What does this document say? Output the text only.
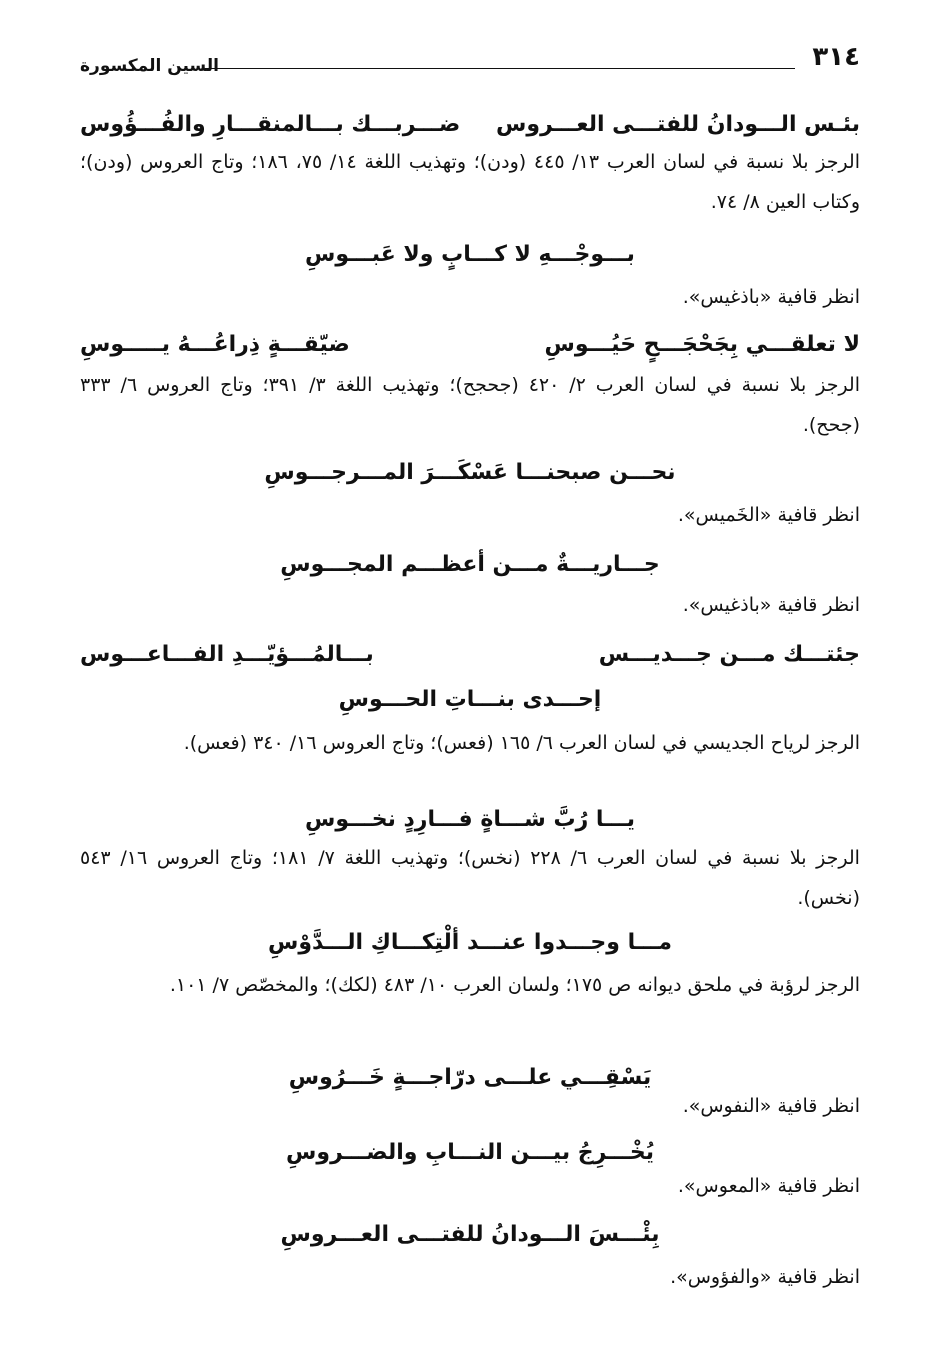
٣١٤
السين المكسورة
بئـس الـــودانُ للفتـــى العـــروس
ضـــربـــك بـــالمنقـــارِ والفُـــؤُوس
الرجز بلا نسبة في لسان العرب ١٣/ ٤٤٥ (ودن)؛ وتهذيب اللغة ١٤/ ٧٥، ١٨٦؛ وتاج العروس (ودن)؛ وكتاب العين ٨/ ٧٤.
بـــوجْـــهِ لا كـــابٍ ولا عَبـــوسِ
انظر قافية «باذغيس».
لا تعلقـــي بِجَحْجَـــحٍ حَيُـــوسِ
ضيّقـــةٍ ذِراعُـــهُ يـــــوسِ
الرجز بلا نسبة في لسان العرب ٢/ ٤٢٠ (جحجح)؛ وتهذيب اللغة ٣/ ٣٩١؛ وتاج العروس ٦/ ٣٣٣ (جحح).
نحـــن صبحنـــا عَسْكَـــرَ المـــرجـــوسِ
انظر قافية «الخَميس».
جـــاريـــةٌ مـــن أعظـــم المجـــوسِ
انظر قافية «باذغيس».
جئتـــك مـــن جـــديـــس
بـــالمُـــؤيّـــدِ الفـــاعـــوس
إحـــدى بنـــاتِ الحـــوسِ
الرجز لرياح الجديسي في لسان العرب ٦/ ١٦٥ (فعس)؛ وتاج العروس ١٦/ ٣٤٠ (فعس).
يـــا رُبَّ شـــاةٍ فـــارِدٍ نخـــوسِ
الرجز بلا نسبة في لسان العرب ٦/ ٢٢٨ (نخس)؛ وتهذيب اللغة ٧/ ١٨١؛ وتاج العروس ١٦/ ٥٤٣ (نخس).
مـــا وجـــدوا عنـــد ألْتِكـــاكِ الـــدَّوْسِ
الرجز لرؤبة في ملحق ديوانه ص ١٧٥؛ ولسان العرب ١٠/ ٤٨٣ (لكك)؛ والمخصّص ٧/ ١٠١.
يَسْقِـــي علـــى درّاجـــةٍ خَـــرُوسِ
انظر قافية «النفوس».
يُخْـــرِجُ بيـــن النـــابِ والضـــروسِ
انظر قافية «المعوس».
بِئْـــسَ الـــودانُ للفتـــى العـــروسِ
انظر قافية «والفؤوس».
